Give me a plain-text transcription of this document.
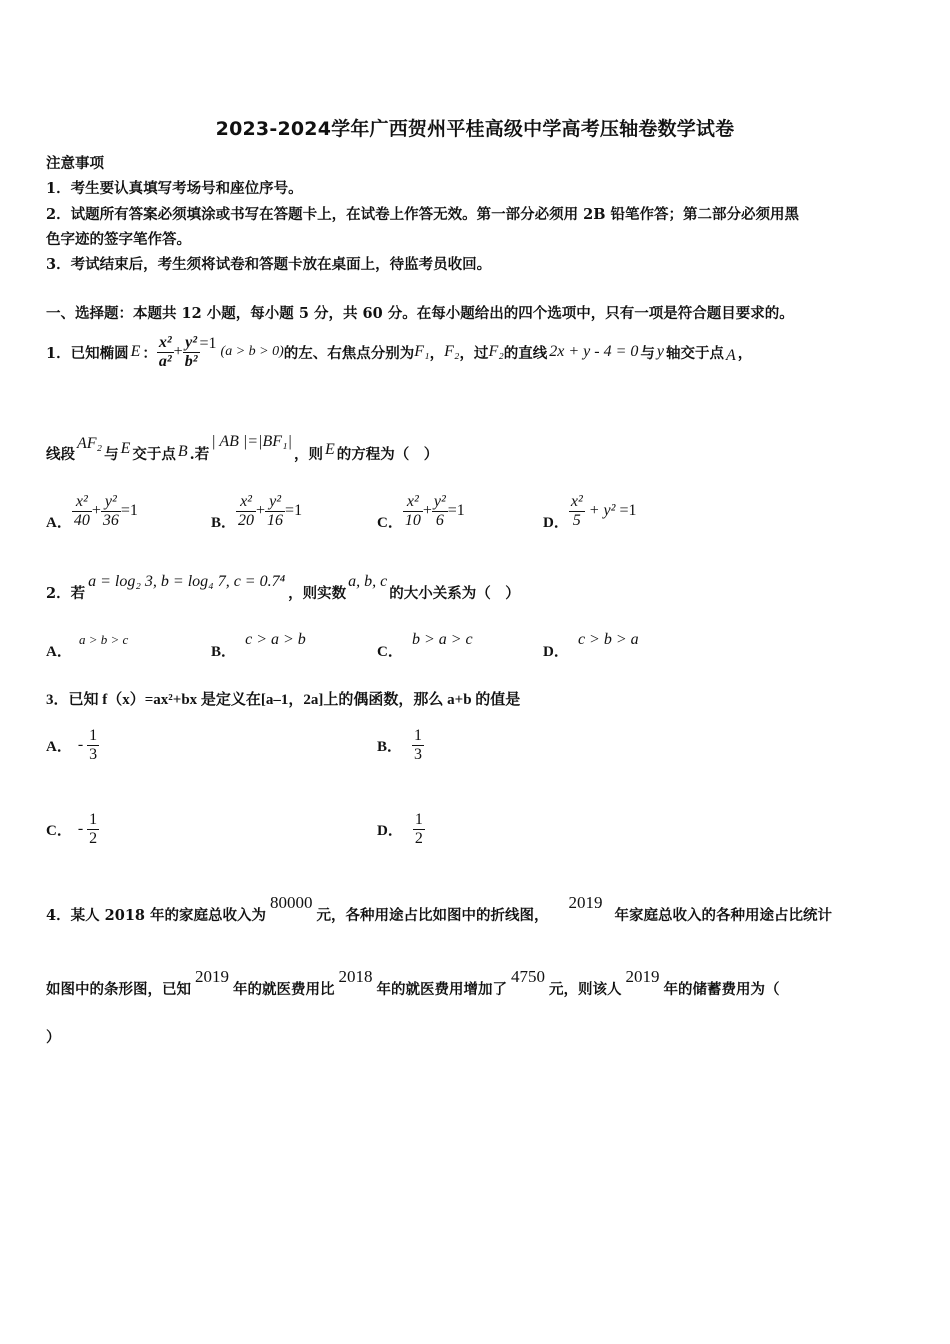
2023-2024学年广西贺州平桂高级中学高考压轴卷数学试卷
注意事项
1．考生要认真填写考场号和座位序号。
2．试题所有答案必须填涂或书写在答题卡上，在试卷上作答无效。第一部分必须用 2B 铅笔作答；第二部分必须用黑
色字迹的签字笔作答。
3．考试结束后，考生须将试卷和答题卡放在桌面上，待监考员收回。
一、选择题：本题共 12 小题，每小题 5 分，共 60 分。在每小题给出的四个选项中，只有一项是符合题目要求的。
1．已知椭圆 E ： $\frac{\text{x²}}{\text{a²}} + \frac{\text{y²}}{\text{b²}} =1$ (a > b > 0) 的左、右焦点分别为 F₁ ， F₂ ，过 F₂ 的直线 2x + y - 4 = 0 与 y 轴交于点 A ，
线段
AF₂
与 E 交于点 B .若
| AB |=|BF₁|
，则 E 的方程为（　）
A． $\frac{\text{x²}}{40} + \frac{\text{y²}}{36} =1$
B． $\frac{\text{x²}}{20} + \frac{\text{y²}}{16} =1$
C． $\frac{\text{x²}}{10} + \frac{\text{y²}}{6} =1$
D． $\frac{\text{x²}}{5} + y^2 =1$
2．若
a = log₂ 3, b = log₄ 7, c = 0.7⁴
，则实数
a, b, c
的大小关系为（　）
A． a > b > c
B． c > a > b
C． b > a > c
D． c > b > a
3．已知 f（x）=ax²+bx 是定义在[a–1，2a]上的偶函数，那么 a+b 的值是
A． - $\frac{1}{3}$	B． $\frac{1}{3}$
C． - $\frac{1}{2}$	D． $\frac{1}{2}$
4．某人 2018 年的家庭总收入为
80000
元，各种用途占比如图中的折线图，
2019
年家庭总收入的各种用途占比统计
如图中的条形图，已知
2019
年的就医费用比
2018
年的就医费用增加了
4750
元，则该人
2019
年的储蓄费用为（
）
